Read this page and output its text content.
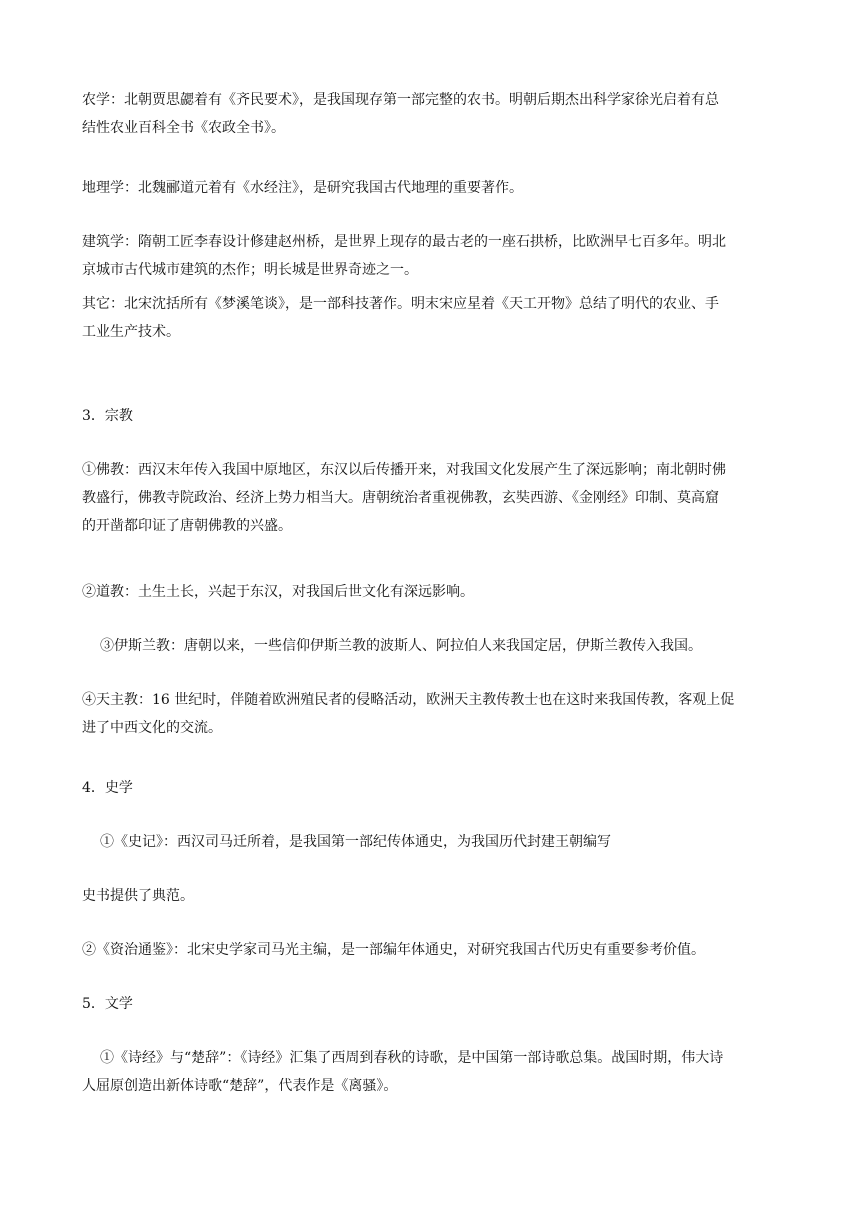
农学：北朝贾思勰着有《齐民要术》，是我国现存第一部完整的农书。明朝后期杰出科学家徐光启着有总
结性农业百科全书《农政全书》。

地理学：北魏郦道元着有《水经注》，是研究我国古代地理的重要著作。

建筑学：隋朝工匠李春设计修建赵州桥，是世界上现存的最古老的一座石拱桥，比欧洲早七百多年。明北
京城市古代城市建筑的杰作；明长城是世界奇迹之一。

其它：北宋沈括所有《梦溪笔谈》，是一部科技著作。明末宋应星着《天工开物》总结了明代的农业、手
工业生产技术。

3．宗教

①佛教：西汉末年传入我国中原地区，东汉以后传播开来，对我国文化发展产生了深远影响；南北朝时佛
教盛行，佛教寺院政治、经济上势力相当大。唐朝统治者重视佛教，玄奘西游、《金刚经》印制、莫高窟
的开凿都印证了唐朝佛教的兴盛。

②道教：土生土长，兴起于东汉，对我国后世文化有深远影响。

③伊斯兰教：唐朝以来，一些信仰伊斯兰教的波斯人、阿拉伯人来我国定居，伊斯兰教传入我国。

④天主教：16 世纪时，伴随着欧洲殖民者的侵略活动，欧洲天主教传教士也在这时来我国传教，客观上促
进了中西文化的交流。

4．史学

①《史记》：西汉司马迁所着，是我国第一部纪传体通史，为我国历代封建王朝编写

史书提供了典范。

②《资治通鉴》：北宋史学家司马光主编，是一部编年体通史，对研究我国古代历史有重要参考价值。

5．文学

①《诗经》与“楚辞”：《诗经》汇集了西周到春秋的诗歌，是中国第一部诗歌总集。战国时期，伟大诗
人屈原创造出新体诗歌“楚辞”，代表作是《离骚》。
